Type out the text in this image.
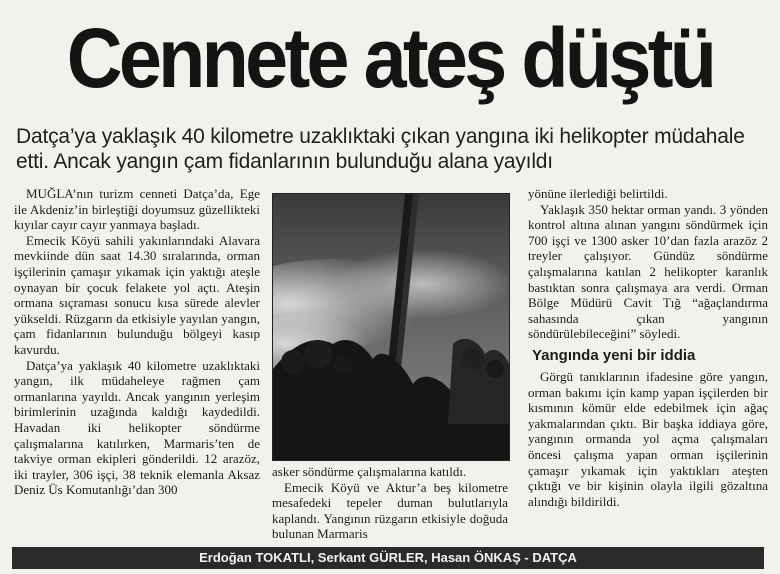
Cennete ateş düştü

Datça’ya yaklaşık 40 kilometre uzaklıktaki çıkan yangına iki helikopter müdahale etti. Ancak yangın çam fidanlarının bulunduğu alana yayıldı

MUĞLA’nın turizm cenneti Datça’da, Ege ile Akdeniz’in birleştiği doyumsuz güzellikteki kıyılar cayır cayır yanmaya başladı.

Emecik Köyü sahili yakınlarındaki Alavara mevkiinde dün saat 14.30 sıralarında, orman işçilerinin çamaşır yıkamak için yaktığı ateşle oynayan bir çocuk felakete yol açtı. Ateşin ormana sıçraması sonucu kısa sürede alevler yükseldi. Rüzgarın da etkisiyle yayılan yangın, çam fidanlarının bulunduğu bölgeyi kasıp kavurdu.

Datça’ya yaklaşık 40 kilometre uzaklıktaki yangın, ilk müdaheleye rağmen çam ormanlarına yayıldı. Ancak yangının yerleşim birimlerinin uzağında kaldığı kaydedildi. Havadan iki helikopter söndürme çalışmalarına katılırken, Marmaris’ten de takviye orman ekipleri gönderildi. 12 arazöz, iki trayler, 306 işçi, 38 teknik elemanla Aksaz Deniz Üs Komutanlığı’dan 300

asker söndürme çalışmalarına katıldı.

Emecik Köyü ve Aktur’a beş kilometre mesafedeki tepeler duman bulutlarıyla kaplandı. Yangının rüzgarın etkisiyle doğuda bulunan Marmaris

yönüne ilerlediği belirtildi.

Yaklaşık 350 hektar orman yandı. 3 yönden kontrol altına alınan yangını söndürmek için 700 işçi ve 1300 asker 10’dan fazla arazöz 2 treyler çalışıyor. Gündüz söndürme çalışmalarına katılan 2 helikopter karanlık bastıktan sonra çalışmaya ara verdi. Orman Bölge Müdürü Cavit Tığ “ağaçlandırma sahasında çıkan yangının söndürülebileceğini” söyledi.

Yangında yeni bir iddia

Görgü tanıklarının ifadesine göre yangın, orman bakımı için kamp yapan işçilerden bir kısmının kömür elde edebilmek için ağaç yakmalarından çıktı. Bir başka iddiaya göre, yangının ormanda yol açma çalışmaları öncesi çalışma yapan orman işçilerinin çamaşır yıkamak için yaktıkları ateşten çıktığı ve bir kişinin olayla ilgili gözaltına alındığı bildirildi.

Erdoğan TOKATLI, Serkant GÜRLER, Hasan ÖNKAŞ - DATÇA
